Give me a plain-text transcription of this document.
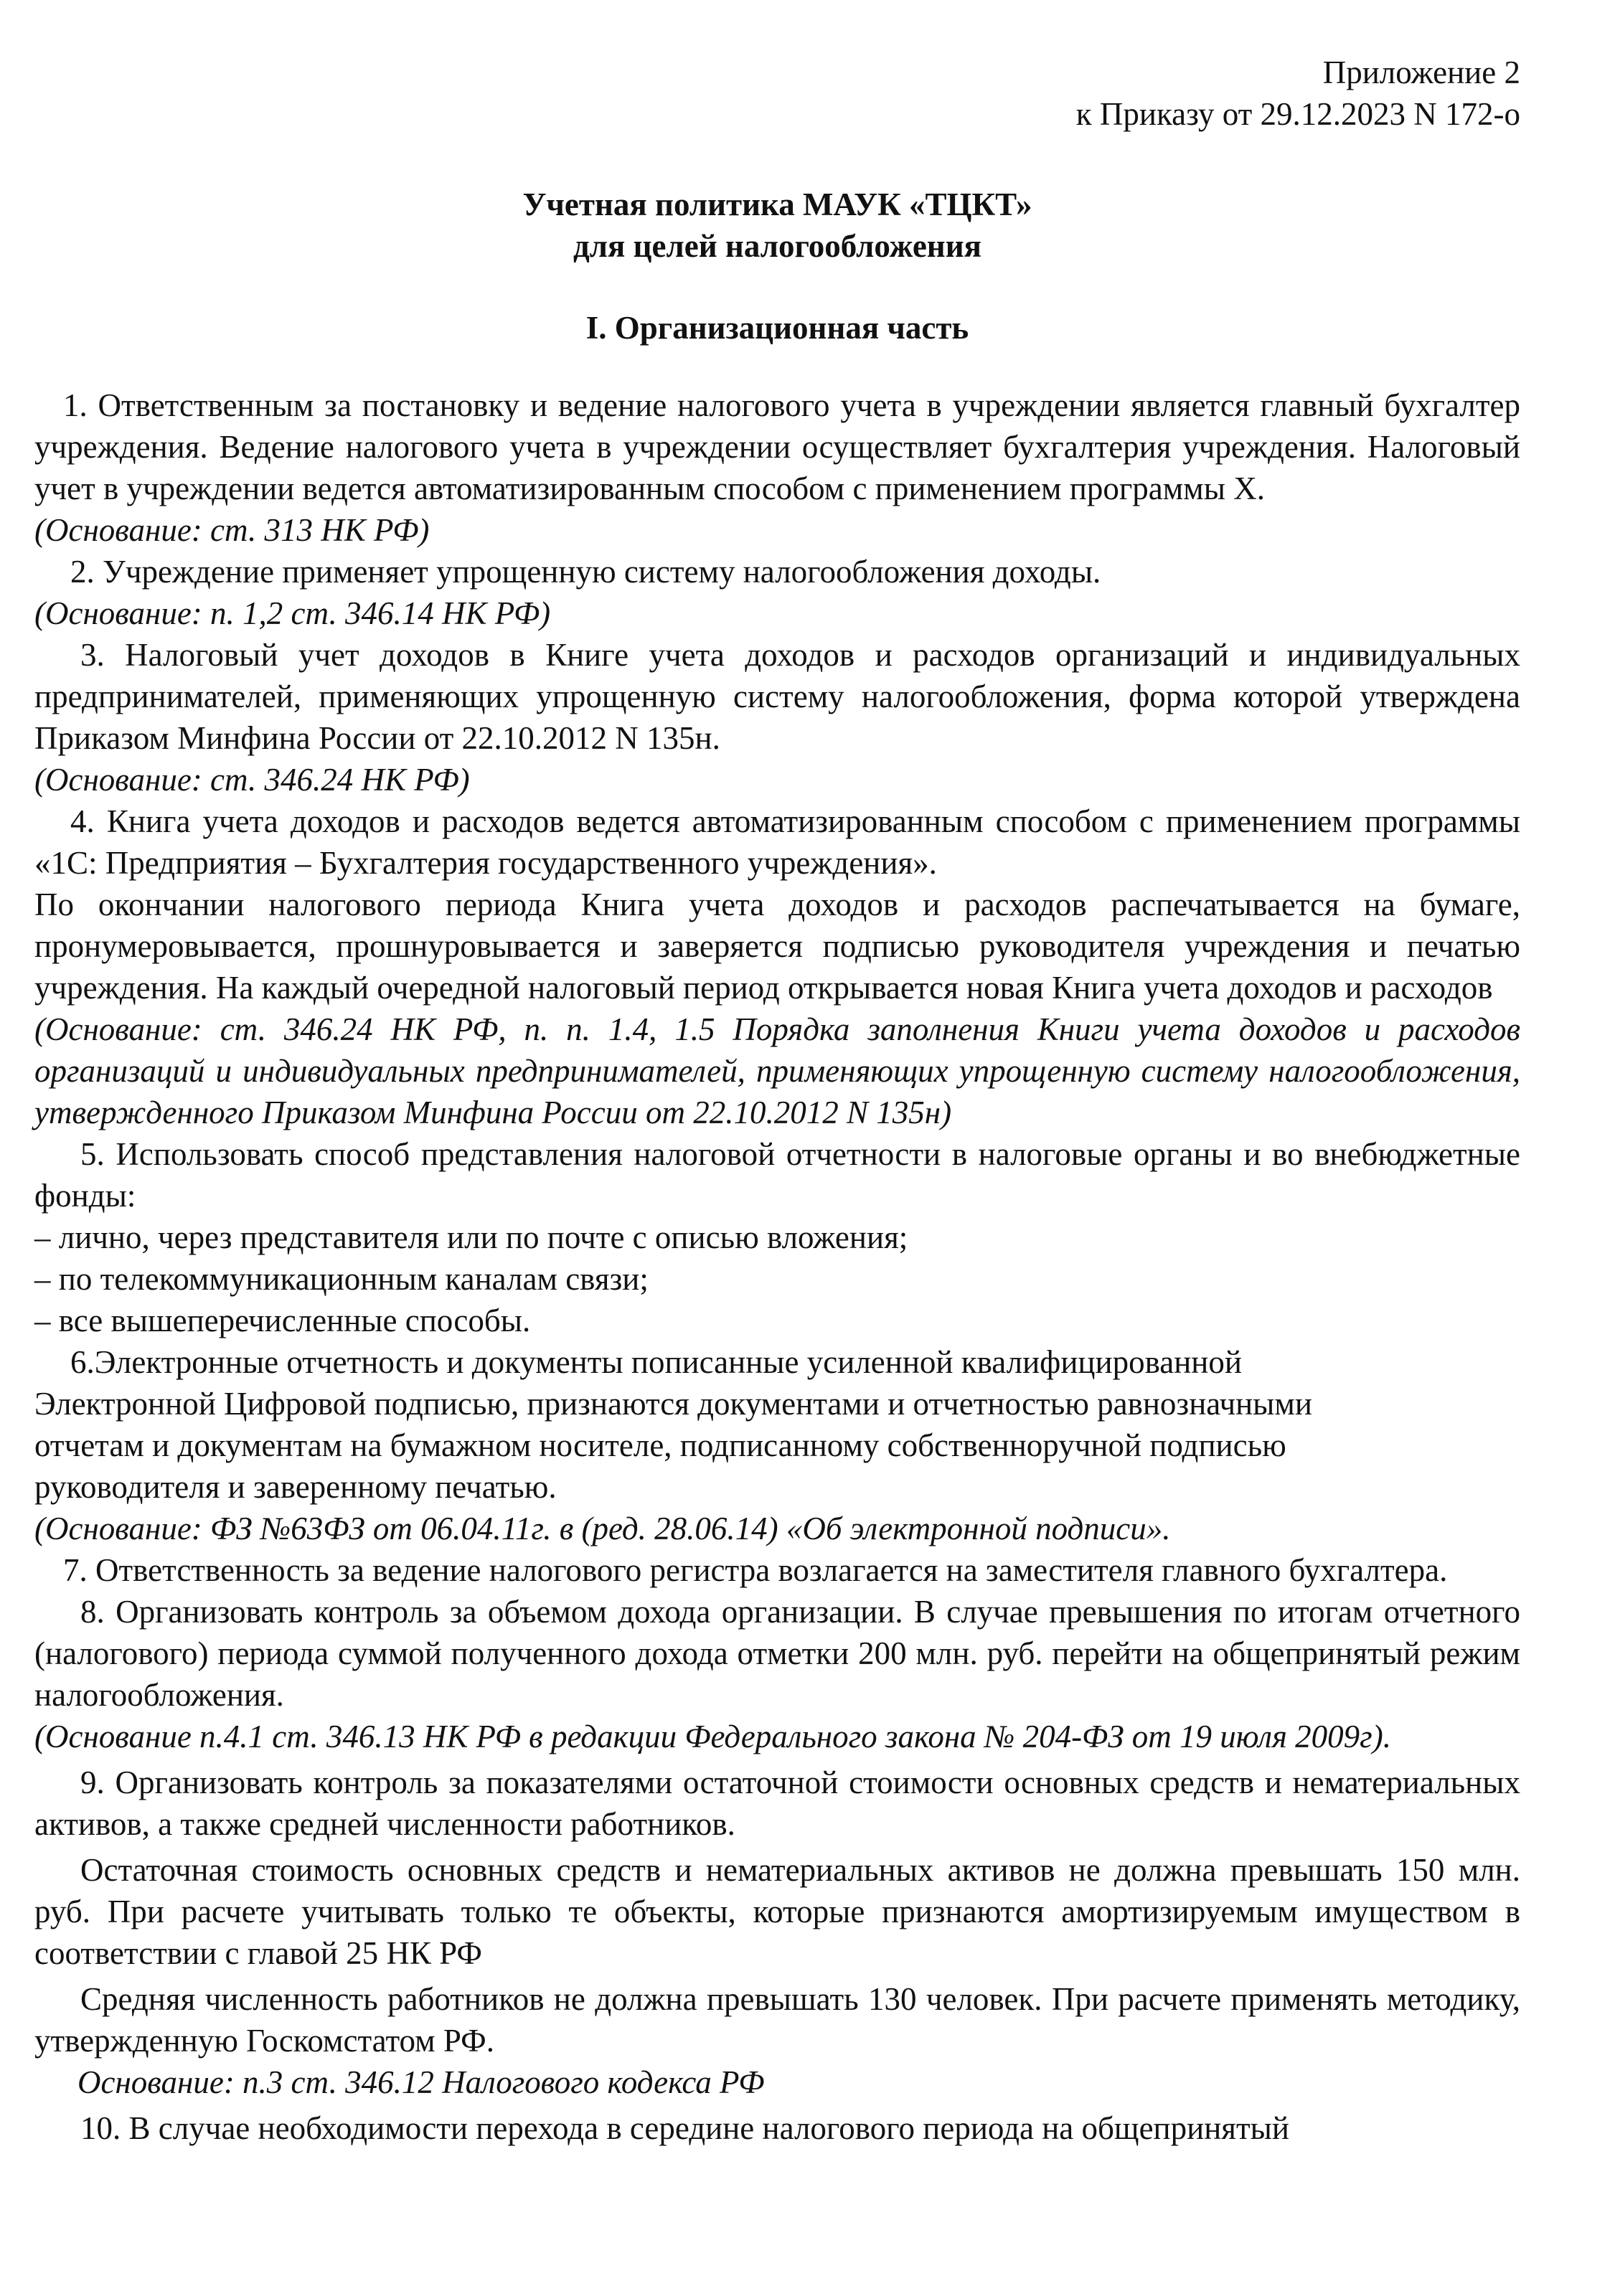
Приложение 2
к Приказу от 29.12.2023 N 172-о
Учетная политика МАУК «ТЦКТ»
для целей налогообложения
I. Организационная часть

1. Ответственным за постановку и ведение налогового учета в учреждении является главный бухгалтер учреждения. Ведение налогового учета в учреждении осуществляет бухгалтерия учреждения. Налоговый учет в учреждении ведется автоматизированным способом с применением программы X.

(Основание: ст. 313 НК РФ)

2. Учреждение применяет упрощенную систему налогообложения доходы.

(Основание: п. 1,2 ст. 346.14 НК РФ)

3. Налоговый учет доходов в Книге учета доходов и расходов организаций и индивидуальных предпринимателей, применяющих упрощенную систему налогообложения, форма которой утверждена Приказом Минфина России от 22.10.2012 N 135н.

(Основание: ст. 346.24 НК РФ)

4. Книга учета доходов и расходов ведется автоматизированным способом с применением программы «1С: Предприятия – Бухгалтерия государственного учреждения».

По окончании налогового периода Книга учета доходов и расходов распечатывается на бумаге, пронумеровывается, прошнуровывается и заверяется подписью руководителя учреждения и печатью учреждения. На каждый очередной налоговый период открывается новая Книга учета доходов и расходов

(Основание: ст. 346.24 НК РФ, п. п. 1.4, 1.5 Порядка заполнения Книги учета доходов и расходов организаций и индивидуальных предпринимателей, применяющих упрощенную систему налогообложения, утвержденного Приказом Минфина России от 22.10.2012 N 135н)

5. Использовать способ представления налоговой отчетности в налоговые органы и во внебюджетные фонды:

– лично, через представителя или по почте с описью вложения;

– по телекоммуникационным каналам связи;

– все вышеперечисленные способы.

6.Электронные отчетность и документы пописанные усиленной квалифицированной

Электронной Цифровой подписью, признаются документами и отчетностью равнозначными

отчетам и документам на бумажном носителе, подписанному собственноручной подписью

руководителя и заверенному печатью.

(Основание: ФЗ №63ФЗ от 06.04.11г. в (ред. 28.06.14) «Об электронной подписи».

7. Ответственность за ведение налогового регистра возлагается на заместителя главного бухгалтера.

8. Организовать контроль за объемом дохода организации. В случае превышения по итогам отчетного (налогового) периода суммой полученного дохода отметки 200 млн. руб. перейти на общепринятый режим налогообложения.

(Основание п.4.1 ст. 346.13 НК РФ в редакции Федерального закона № 204-ФЗ от 19 июля 2009г).

9. Организовать контроль за показателями остаточной стоимости основных средств и нематериальных активов, а также средней численности работников.

Остаточная стоимость основных средств и нематериальных активов не должна превышать 150 млн. руб. При расчете учитывать только те объекты, которые признаются амортизируемым имуществом в соответствии с главой 25 НК РФ

Средняя численность работников не должна превышать 130 человек. При расчете применять методику, утвержденную Госкомстатом РФ.

Основание: п.3 ст. 346.12 Налогового кодекса РФ

10. В случае необходимости перехода в середине налогового периода на общепринятый
